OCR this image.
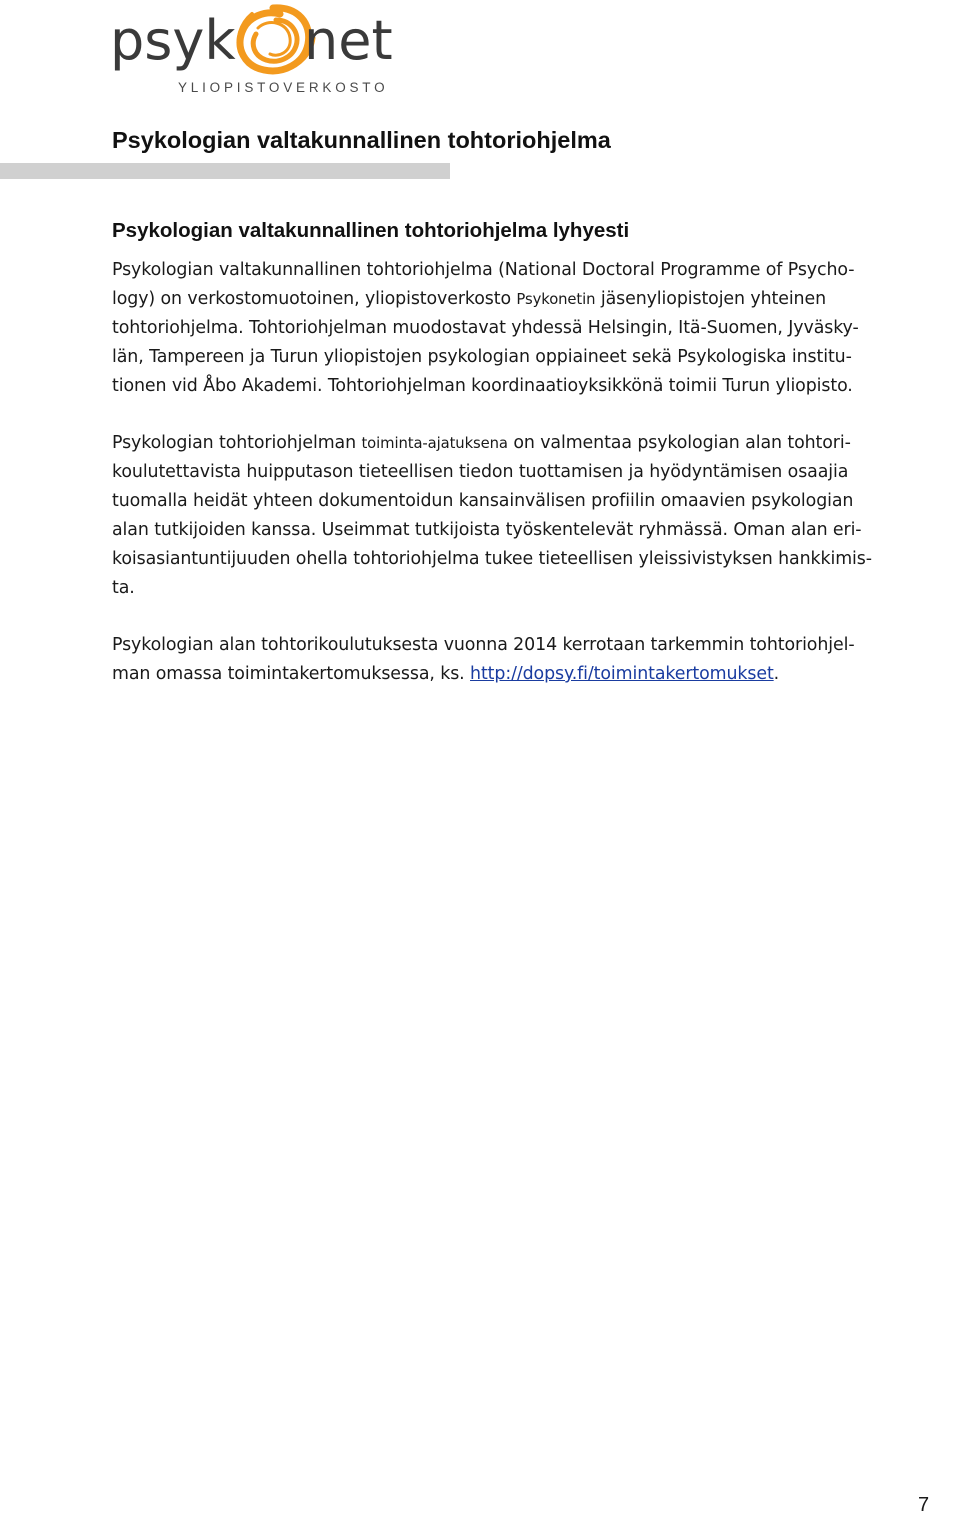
psyk net
YLIOPISTOVERKOSTO
Psykologian valtakunnallinen tohtoriohjelma
Psykologian valtakunnallinen tohtoriohjelma lyhyesti

Psykologian valtakunnallinen tohtoriohjelma (National Doctoral Programme of Psycho-
logy) on verkostomuotoinen, yliopistoverkosto Psykonetin jäsenyliopistojen yhteinen
tohtoriohjelma. Tohtoriohjelman muodostavat yhdessä Helsingin, Itä-Suomen, Jyväsky-
län, Tampereen ja Turun yliopistojen psykologian oppiaineet sekä Psykologiska institu-
tionen vid Åbo Akademi. Tohtoriohjelman koordinaatioyksikkönä toimii Turun yliopisto.

Psykologian tohtoriohjelman toiminta-ajatuksena on valmentaa psykologian alan tohtori-
koulutettavista huipputason tieteellisen tiedon tuottamisen ja hyödyntämisen osaajia
tuomalla heidät yhteen dokumentoidun kansainvälisen profiilin omaavien psykologian
alan tutkijoiden kanssa. Useimmat tutkijoista työskentelevät ryhmässä. Oman alan eri-
koisasiantuntijuuden ohella tohtoriohjelma tukee tieteellisen yleissivistyksen hankkimis-
ta.

Psykologian alan tohtorikoulutuksesta vuonna 2014 kerrotaan tarkemmin tohtoriohjel-
man omassa toimintakertomuksessa, ks. http://dopsy.fi/toimintakertomukset.

7
